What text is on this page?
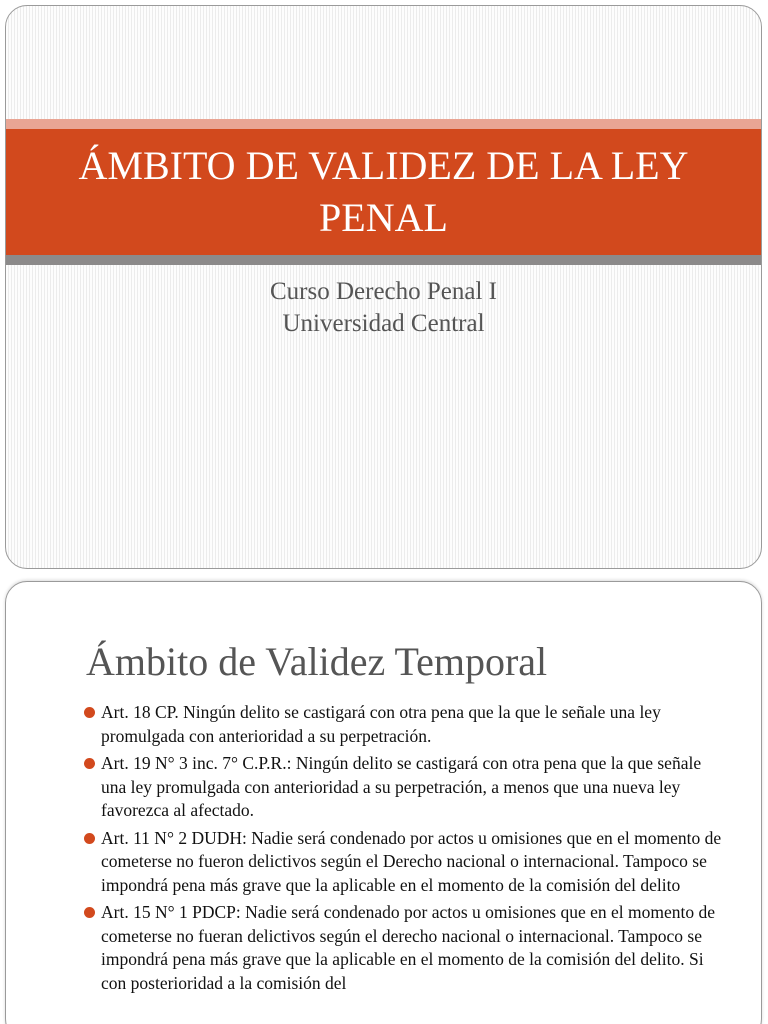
ÁMBITO DE VALIDEZ DE LA LEY PENAL
Curso Derecho Penal I
Universidad Central
Ámbito de Validez Temporal
Art. 18 CP. Ningún delito se castigará con otra pena que la que le señale una ley promulgada con anterioridad a su perpetración.
Art. 19 N° 3 inc. 7° C.P.R.: Ningún delito se castigará con otra pena que la que señale una ley promulgada con anterioridad a su perpetración, a menos que una nueva ley favorezca al afectado.
Art. 11 N° 2 DUDH: Nadie será condenado por actos u omisiones que en el momento de cometerse no fueron delictivos según el Derecho nacional o internacional. Tampoco se impondrá pena más grave que la aplicable en el momento de la comisión del delito
Art. 15 N° 1 PDCP: Nadie será condenado por actos u omisiones que en el momento de cometerse no fueran delictivos según el derecho nacional o internacional. Tampoco se impondrá pena más grave que la aplicable en el momento de la comisión del delito. Si con posterioridad a la comisión del
